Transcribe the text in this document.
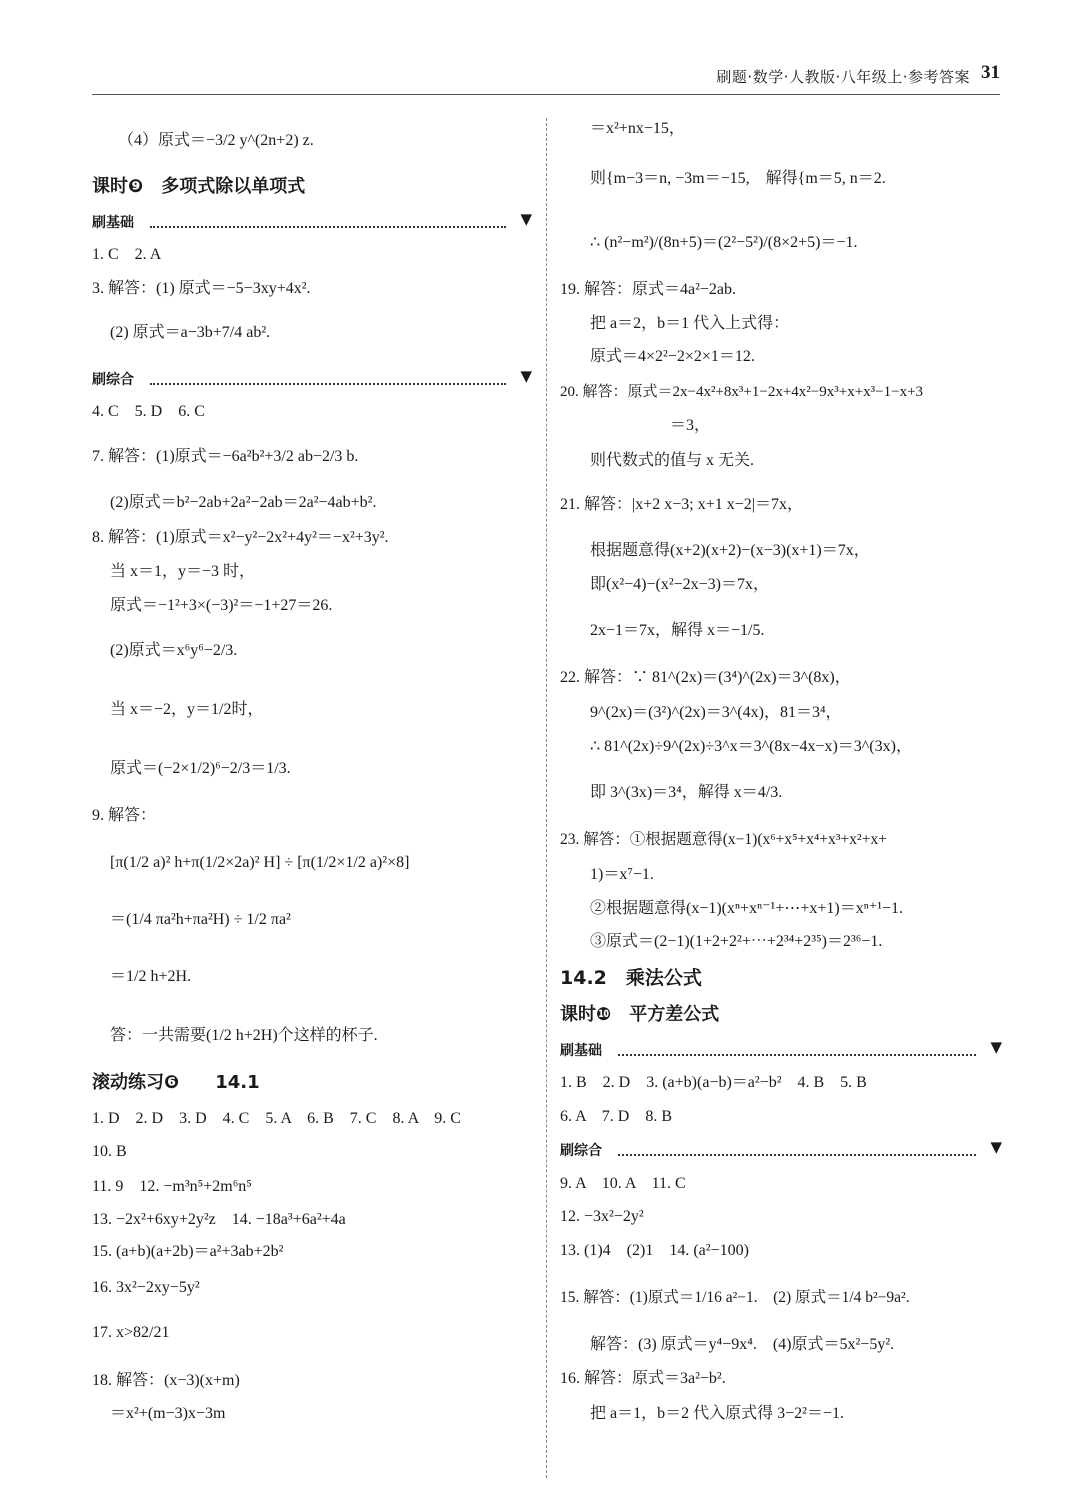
刷题·数学·人教版·八年级上·参考答案 31
（4）原式＝−3/2 y^(2n+2) z.
课时❾　多项式除以单项式
刷基础	▼
1. C　2. A
3. 解答：(1) 原式＝−5−3xy+4x².
(2) 原式＝a−3b+7/4 ab².
刷综合	▼
4. C　5. D　6. C
7. 解答：(1)原式＝−6a²b²+3/2 ab−2/3 b.
(2)原式＝b²−2ab+2a²−2ab＝2a²−4ab+b².
8. 解答：(1)原式＝x²−y²−2x²+4y²＝−x²+3y².
当 x＝1，y＝−3 时，
原式＝−1²+3×(−3)²＝−1+27＝26.
(2)原式＝x⁶y⁶−2/3.
当 x＝−2，y＝1/2时，
原式＝(−2×1/2)⁶−2/3＝1/3.
9. 解答：
[π(1/2 a)² h+π(1/2×2a)² H] ÷ [π(1/2×1/2 a)²×8]
＝(1/4 πa²h+πa²H) ÷ 1/2 πa²
＝1/2 h+2H.
答：一共需要(1/2 h+2H)个这样的杯子.
滚动练习❻　　14.1
1. D　2. D　3. D　4. C　5. A　6. B　7. C　8. A　9. C
10. B
11. 9　12. −m³n⁵+2m⁶n⁵
13. −2x²+6xy+2y²z　14. −18a³+6a²+4a
15. (a+b)(a+2b)＝a²+3ab+2b²
16. 3x²−2xy−5y²
17. x>82/21
18. 解答：(x−3)(x+m)
＝x²+(m−3)x−3m
＝x²+nx−15，
则{m−3＝n, −3m＝−15,　解得{m＝5, n＝2.
∴ (n²−m²)/(8n+5)＝(2²−5²)/(8×2+5)＝−1.
19. 解答：原式＝4a²−2ab.
把 a＝2，b＝1 代入上式得：
原式＝4×2²−2×2×1＝12.
20. 解答：原式＝2x−4x²+8x³+1−2x+4x²−9x³+x+x³−1−x+3
＝3，
则代数式的值与 x 无关.
21. 解答：|x+2 x−3; x+1 x−2|＝7x，
根据题意得(x+2)(x+2)−(x−3)(x+1)＝7x，
即(x²−4)−(x²−2x−3)＝7x，
2x−1＝7x，解得 x＝−1/5.
22. 解答：∵ 81^(2x)＝(3⁴)^(2x)＝3^(8x)，
9^(2x)＝(3²)^(2x)＝3^(4x)，81＝3⁴，
∴ 81^(2x)÷9^(2x)÷3^x＝3^(8x−4x−x)＝3^(3x)，
即 3^(3x)＝3⁴，解得 x＝4/3.
23. 解答：①根据题意得(x−1)(x⁶+x⁵+x⁴+x³+x²+x+
1)＝x⁷−1.
②根据题意得(x−1)(xⁿ+xⁿ⁻¹+⋯+x+1)＝xⁿ⁺¹−1.
③原式＝(2−1)(1+2+2²+⋯+2³⁴+2³⁵)＝2³⁶−1.
14.2　乘法公式
课时❿　平方差公式
刷基础	▼
1. B　2. D　3. (a+b)(a−b)＝a²−b²　4. B　5. B
6. A　7. D　8. B
刷综合	▼
9. A　10. A　11. C
12. −3x²−2y²
13. (1)4　(2)1　14. (a²−100)
15. 解答：(1)原式＝1/16 a²−1.　(2) 原式＝1/4 b²−9a².
解答：(3) 原式＝y⁴−9x⁴.　(4)原式＝5x²−5y².
16. 解答：原式＝3a²−b².
把 a＝1，b＝2 代入原式得 3−2²＝−1.
